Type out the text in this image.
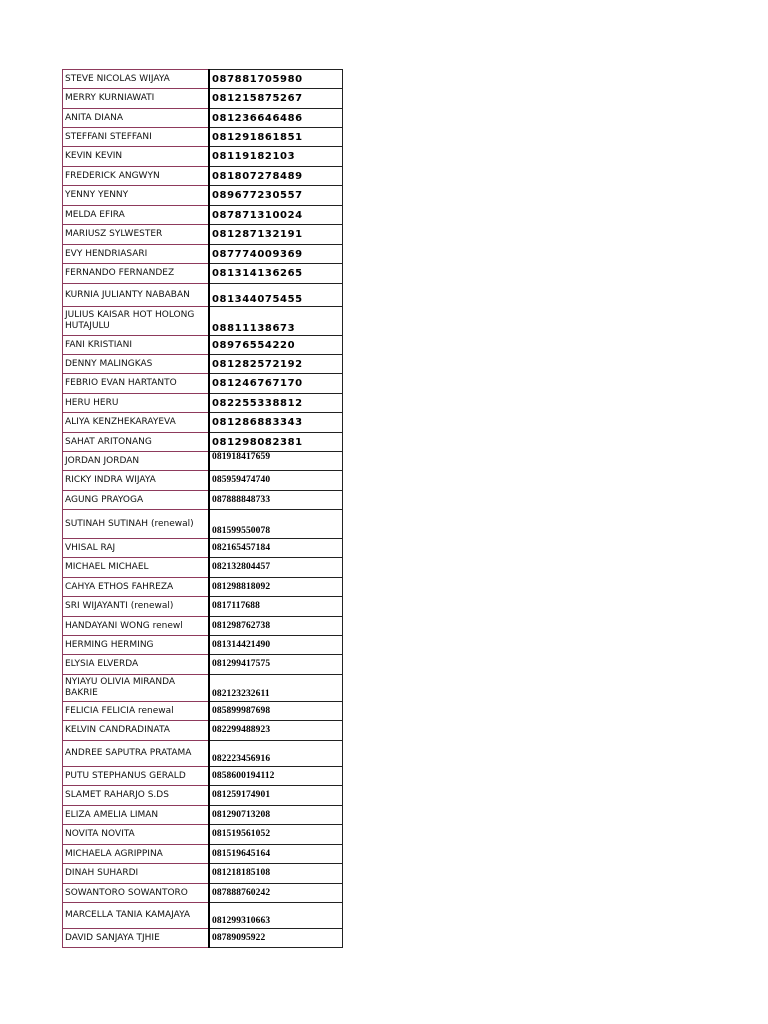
STEVE NICOLAS WIJAYA	087881705980
MERRY KURNIAWATI	081215875267
ANITA DIANA	081236646486
STEFFANI STEFFANI	081291861851
KEVIN KEVIN	08119182103
FREDERICK ANGWYN	081807278489
YENNY YENNY	089677230557
MELDA EFIRA	087871310024
MARIUSZ SYLWESTER	081287132191
EVY HENDRIASARI	087774009369
FERNANDO FERNANDEZ	081314136265
KURNIA JULIANTY NABABAN	081344075455
JULIUS KAISAR HOT HOLONG HUTAJULU	08811138673
FANI KRISTIANI	08976554220
DENNY MALINGKAS	081282572192
FEBRIO EVAN HARTANTO	081246767170
HERU HERU	082255338812
ALIYA KENZHEKARAYEVA	081286883343
SAHAT ARITONANG	081298082381
JORDAN JORDAN	081918417659
RICKY INDRA WIJAYA	085959474740
AGUNG PRAYOGA	087888848733
SUTINAH SUTINAH (renewal)	081599550078
VHISAL RAJ	082165457184
MICHAEL MICHAEL	082132804457
CAHYA ETHOS FAHREZA	081298818092
SRI WIJAYANTI (renewal)	0817117688
HANDAYANI WONG renewl	081298762738
HERMING HERMING	081314421490
ELYSIA ELVERDA	081299417575
NYIAYU OLIVIA MIRANDA BAKRIE	082123232611
FELICIA FELICIA renewal	085899987698
KELVIN CANDRADINATA	082299488923
ANDREE SAPUTRA PRATAMA	082223456916
PUTU STEPHANUS GERALD	0858600194112
SLAMET RAHARJO S.DS	081259174901
ELIZA AMELIA LIMAN	081290713208
NOVITA NOVITA	081519561052
MICHAELA AGRIPPINA	081519645164
DINAH SUHARDI	081218185108
SOWANTORO SOWANTORO	087888760242
MARCELLA TANIA KAMAJAYA	081299310663
DAVID SANJAYA TJHIE	08789095922
